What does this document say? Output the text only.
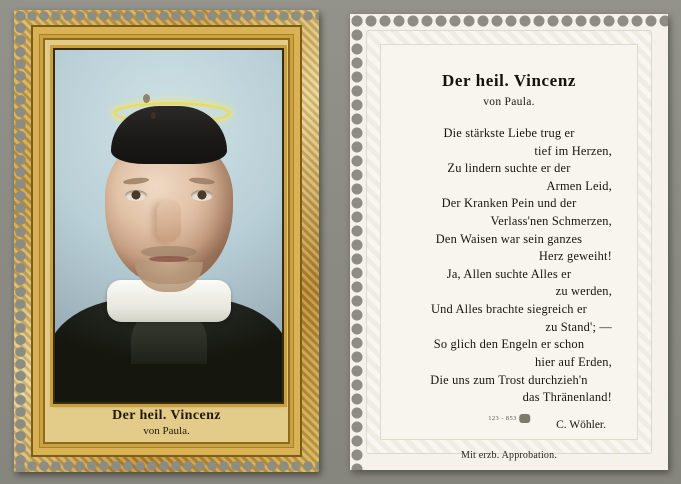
Der heil. Vincenz
von Paula.
Der heil. Vincenz
von Paula.
Die stärkste Liebe trug er
tief im Herzen,
Zu lindern suchte er der
Armen Leid,
Der Kranken Pein und der
Verlass'nen Schmerzen,
Den Waisen war sein ganzes
Herz geweiht!
Ja, Allen suchte Alles er
zu werden,
Und Alles brachte siegreich er
zu Stand'; —
So glich den Engeln er schon
hier auf Erden,
Die uns zum Trost durchzieh'n
das Thränenland!
C. Wöhler.
Mit erzb. Approbation.
123 - 853
